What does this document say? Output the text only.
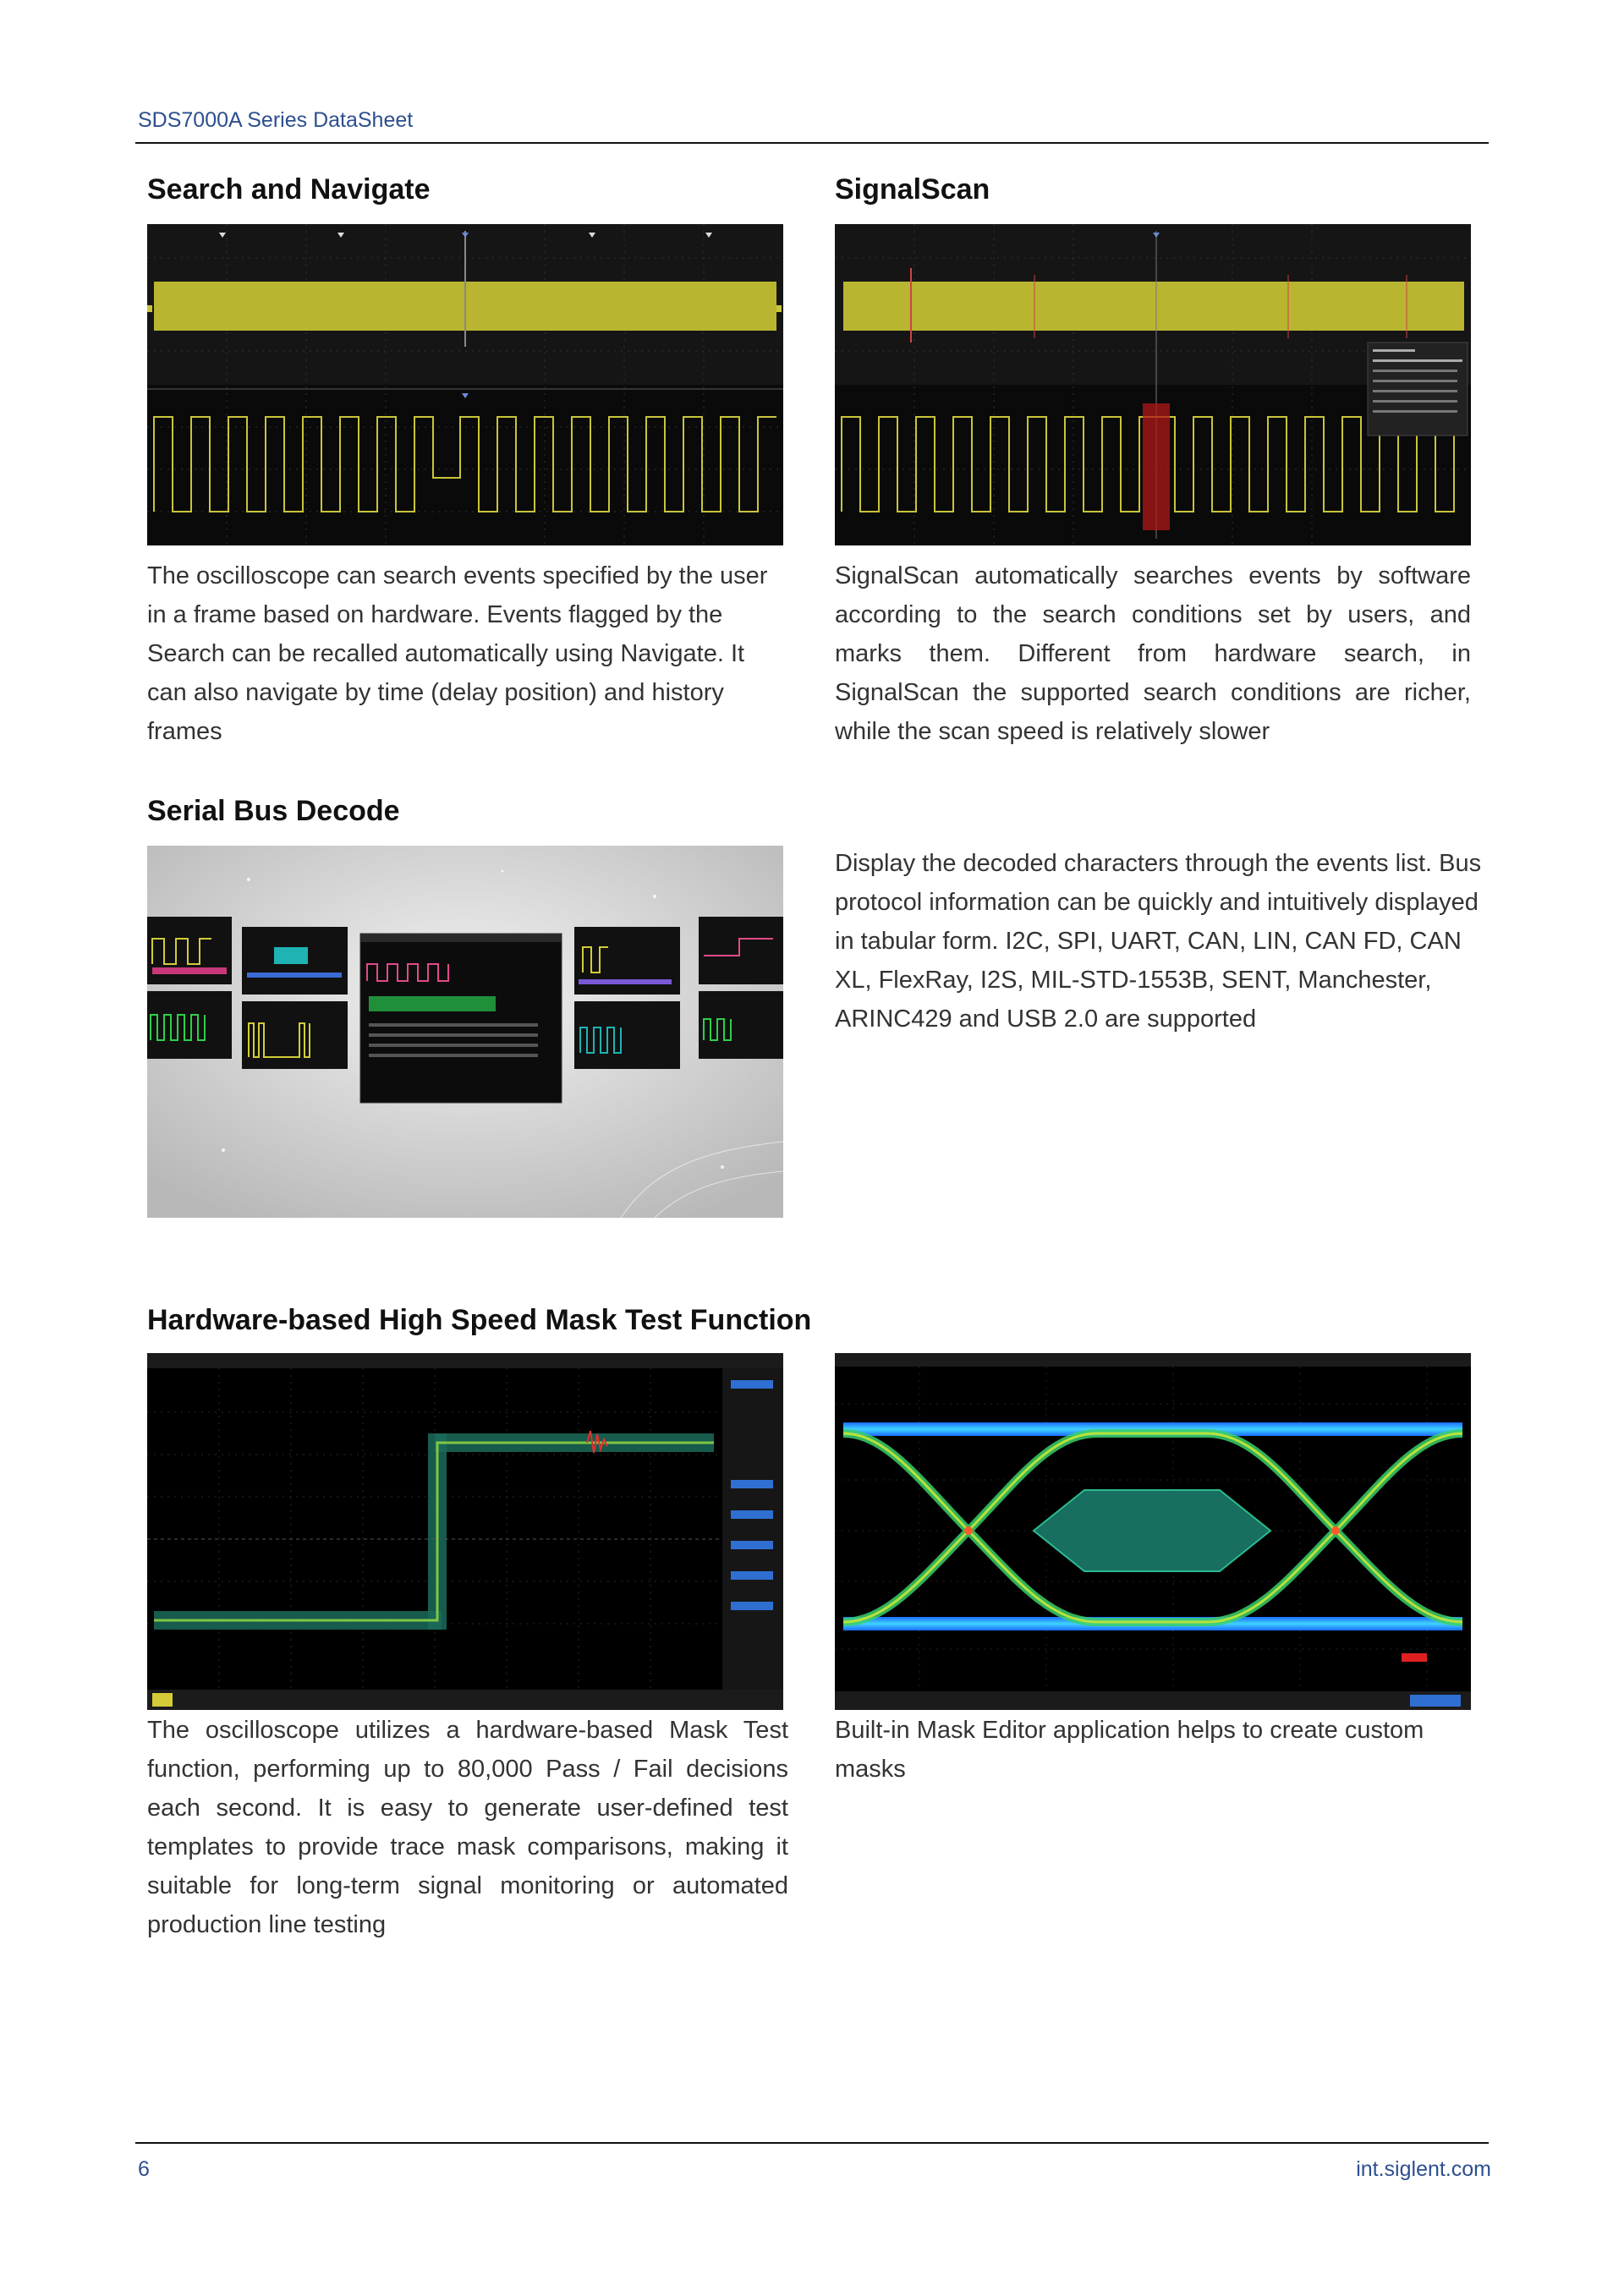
SDS7000A Series DataSheet
Search and Navigate

The oscilloscope can search events specified by the user in a frame based on hardware. Events flagged by the Search can be recalled automatically using Navigate. It can also navigate by time (delay position) and history frames

SignalScan

SignalScan automatically searches events by software according to the search conditions set by users, and marks them. Different from hardware search, in SignalScan the supported search conditions are richer, while the scan speed is relatively slower

Serial Bus Decode

Display the decoded characters through the events list. Bus protocol information can be quickly and intuitively displayed in tabular form. I2C, SPI, UART, CAN, LIN, CAN FD, CAN XL, FlexRay, I2S, MIL-STD-1553B, SENT, Manchester, ARINC429 and USB 2.0 are supported

Hardware-based High Speed Mask Test Function

The oscilloscope utilizes a hardware-based Mask Test function, performing up to 80,000 Pass / Fail decisions each second. It is easy to generate user-defined test templates to provide trace mask comparisons, making it suitable for long-term signal monitoring or automated production line testing

Built-in Mask Editor application helps to create custom masks

6	int.siglent.com
